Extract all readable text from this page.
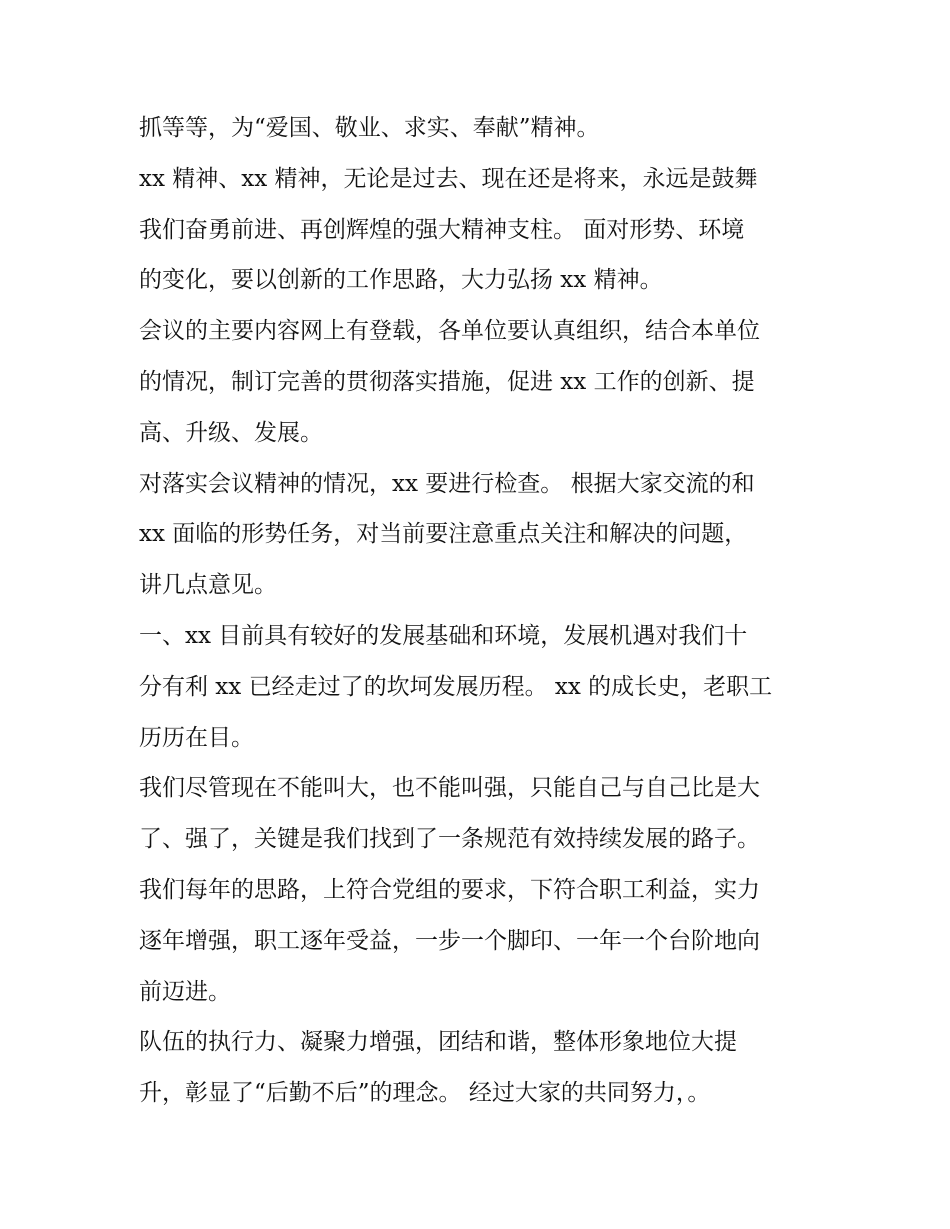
抓等等，为“爱国、敬业、求实、奉献”精神。
xx 精神、xx 精神，无论是过去、现在还是将来，永远是鼓舞
我们奋勇前进、再创辉煌的强大精神支柱。 面对形势、环境
的变化，要以创新的工作思路，大力弘扬 xx 精神。
会议的主要内容网上有登载，各单位要认真组织，结合本单位
的情况，制订完善的贯彻落实措施，促进 xx 工作的创新、提
高、升级、发展。
对落实会议精神的情况，xx 要进行检查。 根据大家交流的和
xx 面临的形势任务，对当前要注意重点关注和解决的问题，
讲几点意见。
一、xx 目前具有较好的发展基础和环境，发展机遇对我们十
分有利 xx 已经走过了的坎坷发展历程。 xx 的成长史，老职工
历历在目。
我们尽管现在不能叫大，也不能叫强，只能自己与自己比是大
了、强了，关键是我们找到了一条规范有效持续发展的路子。
我们每年的思路，上符合党组的要求，下符合职工利益，实力
逐年增强，职工逐年受益，一步一个脚印、一年一个台阶地向
前迈进。
队伍的执行力、凝聚力增强，团结和谐，整体形象地位大提
升，彰显了“后勤不后”的理念。 经过大家的共同努力，。
